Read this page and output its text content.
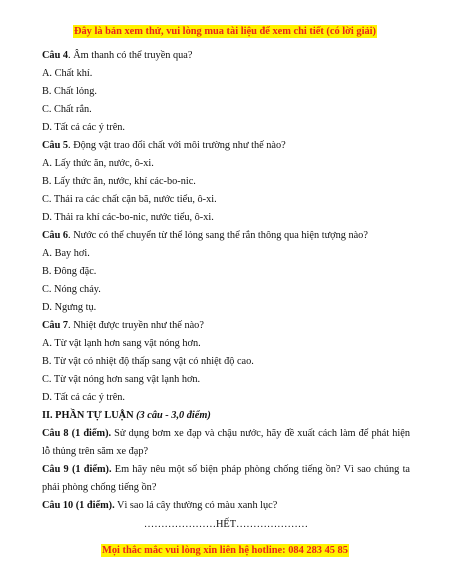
Đây là bản xem thử, vui lòng mua tài liệu để xem chi tiết (có lời giải)
Câu 4. Âm thanh có thể truyền qua?
A. Chất khí.
B. Chất lỏng.
C. Chất rắn.
D. Tất cả các ý trên.
Câu 5. Động vật trao đổi chất với môi trường như thế nào?
A. Lấy thức ăn, nước, ô-xi.
B. Lấy thức ăn, nước, khí các-bo-nic.
C. Thải ra các chất cặn bã, nước tiểu, ô-xi.
D. Thải ra khí các-bo-nic, nước tiểu, ô-xi.
Câu 6. Nước có thể chuyển từ thể lỏng sang thể rắn thông qua hiện tượng nào?
A. Bay hơi.
B. Đông đặc.
C. Nóng chảy.
D. Ngưng tụ.
Câu 7. Nhiệt được truyền như thế nào?
A. Từ vật lạnh hơn sang vật nóng hơn.
B. Từ vật có nhiệt độ thấp sang vật có nhiệt độ cao.
C. Từ vật nóng hơn sang vật lạnh hơn.
D. Tất cả các ý trên.
II. PHẦN TỰ LUẬN (3 câu - 3,0 điểm)
Câu 8 (1 điểm). Sử dụng bơm xe đạp và chậu nước, hãy đề xuất cách làm để phát hiện lỗ thủng trên săm xe đạp?
Câu 9 (1 điểm). Em hãy nêu một số biện pháp phòng chống tiếng ồn? Vì sao chúng ta phải phòng chống tiếng ồn?
Câu 10 (1 điểm). Vì sao lá cây thường có màu xanh lục?
…………………HẾT…………………
Mọi thắc mắc vui lòng xin liên hệ hotline: 084 283 45 85
